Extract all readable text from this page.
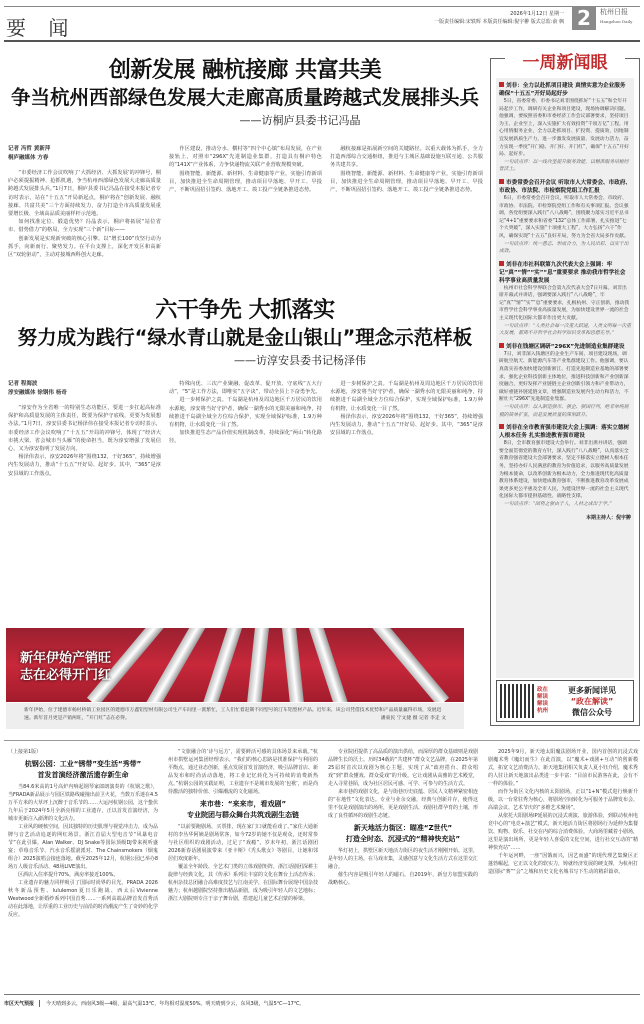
要 闻
2026年1月12日 星期一
一版责任编辑:宋轶辉 本版责任编辑:倪宇翀 版式总监:俞 枫 2	杭州日报
Hangzhou Daily
创新发展 融杭接廊 共富共美
争当杭州西部绿色发展大走廊高质量跨越式发展排头兵
——访桐庐县委书记冯晶
记者 冯哲 黄新萍
桐庐融媒体 方春

“市委经济工作会议吹响了‘大抓经济、大抓发展’的冲锋号，桐庐必须提振精神、抢抓机遇，争当杭州西部绿色发展大走廊高质量跨越式发展排头兵。”1月7日，桐庐县委书记冯晶在接受本报记者专访时表示，站在“十五五”开局新起点，桐庐将在“创新发展、融杭接廊、共富共美”三个方面持续发力，奋力打造全市高质量发展重要增长极、全域高品质美丽样杆示范地。

如何找准定位、锻造优势？冯晶表示，桐庐将拓展“站位省市、借势借力”的格局，全力实现“三个新”目标——

创新发展是实现新突破的核心引擎。以“增长100”攻坚行动为抓手，向新而行、聚势发力。在平台支撑上，深化开发区和高新区“双轮驱动”，主动对接城西科创大走廊。

作区建设，推动分水、横村等“四个中心镇”布局发展，在产业接轨上，对照市“296X”先进制造业集群，打造具有桐庐特色的“141X”产业体系，力争快递物流关联产业营收规模突破。

围绕智能、新能源、新材料、生命健康等产业，实施引育新项目，加快推进全生命周期管理，推动项目早落地、早开工、早投产，不断巩固招引签约、落地开工、竣工投产全链条推进态势。

融杭接廊是拓展新空间的关键路径。以重大载体为抓手，全力打造西部综合交通枢纽，推进与主城区基础设施互联互通、公共服务共建共享。

围绕智能、新能源、新材料、生命健康等产业，实施引育新项目，加快推进全生命周期管理，推动项目早落地、早开工、早投产，不断巩固招引签约、落地开工、竣工投产全链条推进态势。

六干争先 大抓落实
努力成为践行“绿水青山就是金山银山”理念示范样板
——访淳安县委书记杨泽伟
记者 程海波
淳安融媒体 徐钢伟 杨奇

“淳安作为全省唯一的特别生态功能区，要进一步扛起高标准保护和高质量发展的主体责任，既要为保护守底线，更要为发展想办法。”1月7日，淳安县委书记杨泽伟在接受本报记者专访时表示，市委经济工作会议吹响了“十五五”开局的冲锋号，体现了“经济大市挑大梁、省会城市当头雁”的使命担当，既为淳安增强了发展信心，又为淳安指明了发展方向。

杨泽伟表示，淳安2026年将“围绕132，干好365”，持续增强内生发展动力，推动“十五五”开好局、起好步。其中，“365”是淳安县域的工作落点。

特殊向优、三次产业聚融、促改革、促开放、守底线“五大行动”，“5”是工作方法，即唯实“五字诀”，带动全县上下奋勇争先。

进一步树保护之责。千岛湖是杭州及周边地区千万居民的饮用水源地，淳安将当好守护者，确保一湖秀水的无限美丽和纯净，持续推进千岛湖全域全方位综合保护，实现全域保护标准，1.9万种有机物，让水质变化一目了然。

加快推进生态产品价值实现机制改革，持续深化“两山”转化路径。

进一步树保护之责。千岛湖是杭州及周边地区千万居民的饮用水源地，淳安将当好守护者，确保一湖秀水的无限美丽和纯净，持续推进千岛湖全域全方位综合保护，实现全域保护标准，1.9万种有机物，让水质变化一目了然。

杨泽伟表示，淳安2026年将“围绕132，干好365”，持续增强内生发展动力，推动“十五五”开好局、起好步。其中，“365”是淳安县域的工作落点。

新年伊始产销旺
志在必得开门红
新年伊始，位于建德市杨村桥镇工业园区的建德市万鑫铝型材有限公司生产车间里一派繁忙，工人们忙着赶制不同型号的汀车铝型材产品。近年来，该公司凭借技术优势和产品质量赢得市场，发展迅速。新年首月更是产销两旺，“开门红”志在必得。	潘東民 宁文捷 摄 记者 李走 文
一周新闻眼
刘非：全力以赴抓项目建设 真情实意为企业服务 确保“十五五”开好局起好步

5日，省委常委、市委书记刘非围绕抓好“十五五”和全年开局起步工作，调研有关企业和项目建设，现场协调解决问题。他强调，要按照省委和市委经济工作会议部署要求，坚持项目为王、企业至上，深入实施扩大有效投资“千项万亿”工程，用心用情服务企业，全力以赴抓项目、扩投资、提质效，因地制宜发展新质生产力，进一步激发发展质量、发展动力活力，奋力实现一季度“开门稳、开门好、开门红”，确保“十五五”开好局、起好步。

一句话点评：以一线攻坚提升服务效能，以精准服务培植经营沃土。
市委常委会召开会议 听取市人大常委会、市政府、市政协、市法院、市检察院党组工作汇报

6日，市委常委会召开会议，听取市人大常委会、市政府、市政协、市法院、市检察院党组工作和有关事项汇报。会议强调，各党组要深入践行“八八战略”，围绕聚力落实习近平总书记“4+1”重要要求和省委“132”总体工作部署，扎实推进“七个大突破”，深入实施“十项重大工程”，大力弘扬“六干”作风，确保实现“十五五”良好开局，努力为全省大局多作贡献。

一句话点评：统一意志、形成合力，为人民出彩、以实干出成效。
刘非在市社科联第九次代表大会上强调：牢记“真”“情”“实”“息”重要要求 推动我市哲学社会科学事业高质量发展

杭州市社会科学界联合会第九次代表大会7日开幕。刘非出席开幕式并讲话，强调要深入践行“八八战略”，牢记“真”“情”“实”“息”重要要求，扎根杭州、守正创新，推动我市哲学社会科学事业高质量发展，为加快建设世界一流的社会主义现代化国际大都市作出更大贡献。

一句话点评：“人类社会每一次重大跃进，人类文明每一次重大发展，都离不开哲学社会科学知识变革和思想先导。”
刘非在钱塘区调研“296X”先进制造业集群建设

7日，刘非深入钱塘区的企业生产车间、项目建设现场，调研航空航天、新能源汽车等产业集群建设工作。他强调，要认真落实省委加快建设创新浙江、打造先进制造业基地的部署要求，强化企业科技创新主体地位，推进科技创新和产业创新深度融合，更好发挥产业链链主企业创新引领力和产业带动力，做好重链补链延链文章，增强制造业发展内生动力和活力，不断壮大“296X”先进制造业集群。

一句话点评：以入制造强市、强企、强国行列，绝非单纯规模的简单扩张，而是发展质量的深刻跃升。
刘非在全市教育强市建设大会上强调：落实立德树人根本任务 扎实推进教育强市建设

8日，全市教育强市建设大会举行。刘非出席并讲话，强调要全面贯彻党的教育方针，深入践行“八八战略”，认真落实全省教育强省建设大会部署要求，坚定不移落实立德树人根本任务，坚持办好人民满意的教育为价值追求，以服务高质量发展为根本使命，以改革创新为根本动力，全力推进现代化高质量教育体系建设，加快建成教育强市，不断推进教育改革发展成果更多更公平惠及全市人民，为建设世界一流的社会主义现代化国际大都市提供基础性、战略性支撑。

一句话点评：“国势之强由于人，人材之成出于学。”
本期主持人：倪宇翀
政在解读 解读杭州
更多新闻详见
“政在解读”
微信公众号
（上接第1版）
杭钢公园：工业“锈带”变生活“秀带”
首发首演经济激活遗存新生命

当84.6米高的1号高炉内响起钢琴家郎朗演奏的《杭钢之歌》，当FRADA新品展示与园区铁路线碰撞出前卫火花，当数万乐迷在4.5万平方米的大草坪上沉醉于音乐节的……大运河杭钢公园，这个蛰伏九年后于2024年5月全新亮相的工业遗存，正以首发首演经济，为城市更新注入澎湃的文化活力。

工业风的硬核空间，因其独特的历史肌理与视觉冲击力，成为品牌与音艺活动追逐的网红场景。浙江首届大型电音节“风暴电音节”在此引爆，Alan Walker、DJ Snake等国际顶级DJ带来视听盛宴；草莓音乐节、汽水音乐摇滚派对、The Chainsmokers（烟鬼组合）2025演唱会接连落地。截至2025年12月，杭钢公园已举办8场万人级音乐活动、48场LIVE演出。

区酒店入住率提升70%，满房率接近100%。

工业遗存的魅力同样吸引了国际时尚界的目光。PRADA 2026秋冬新品预售、lululemon夏日乐跑战、西太后Vivienne Westwood全新婚纱系列中国首秀……一系列高端品牌首发首秀活动在此落地，让厚重的工业历史与前沿的时尚潮流产生了奇妙的化学反应。

“文旅融合的‘诗与远方’，需要鲜活可感的具体场景来承载。”杭州市拱墅运河集团经理表示，“我们的核心思路是找准保护与利用的平衡点，通过业态创新，重点发展首发首演经济，吸引品牌首店、新品发布和时尚活动落地，将工业记忆转化为可持续的消费新热点。”杭钢公园的实践证明，工业遗存不是城市发展的‘包袱’，而是尚待激活的独特价值、引爆潮流的文化磁场。

来市巷：“来来市，看戏剧”
专业院团与群众舞台共筑戏剧生态链

“以前要跑剧场、买票排，现在家门口就能看戏了。”家住大通新村的李丛华阿姨是剧场常客，如今72岁的她不仅是观众，还时常参与社区组织的戏剧活动，过足了“戏瘾”。岁末年初，浙江话剧团2026新春话剧展演带来《亚卡斯》《秃头歌女》等剧目，让她和邻居们欢度新年。

覆盖全年龄段、全艺术门类的立体戏剧矩阵，浙江话剧团深耕主旋律与经典文化，其《传承》系列让丰富的文化在舞台上活态传承；杭州杂技总团融合高难度技艺与江南美学，在国际舞台展现中国杂技魅力；杭州越剧院坚持推出精品新剧，成为吸引年轻人的文艺地标；浙江大剧院则专注于亲子舞台剧，搭建起儿童艺术启蒙的桥梁。

专业院团提供了高品质的演出供给，而深厚的群众基础则是戏剧品牌生长的沃土。历时34载的“共建杯”群众文艺品牌，在2025年第25届时首次以戏剧为核心主题，实现了从“政府搭台、群众唱戏”到“群众懂戏、群众爱戏”的升级。它让戏剧从高雅的艺术殿堂，走入寻常巷陌，成为社区居民可感、可学、可参与的生活方式。

来市巷的戏剧文化，是与街巷历史底蕴、居民人文精神紧密相连的“在地性”文化表达。专业与业余交融，经典与创新并存，使得这里不仅是戏剧演出的场所，更是戏剧生活、戏剧社群孕育的土壤，形成了良性循环的戏剧生态链。

新天地活力街区：瞄准“Z世代”
打造全时态、沉浸式的“精神快充站”

华灯初上，拱墅区新天地活力街区的夜生活才刚刚开始。这里，是年轻人的主场。在马戏市集，灵感创意与文化生活方式在这里交汇融合。

催生内容是吸引年轻人的磁石。自2019年，新皇方加盟实践的战略核心。

2025年9月，新天地太阳魔法剧场开业，国内首创的沉浸式戏剧魔术秀《魔幻而生》在此首演，以“魔术+戏剧+互动”的创新模式，拓宽文艺消费活力。新天地集团相关负责人夏小钰介绍，魔术秀的人驻让新天地演出品类进一步丰富：“目前市民游客在此，会有不一样的体验。”

而作为街区文化内核的太阳剧场，正以“1+N”模式进行焕新升级，以一台常驻秀为核心，将剧场空间转化为可服务于品牌发布会、高端会议、艺术节庆的“多维艺术聚场”。

从依托大阳剧场IP延展的沉浸式观演、旅游体验，到联动杭州电竞中心的“电竞+演艺”模式，新天地活力街区将剧场行为延伸为集餐饮、购物、娱乐、社交在内的综合消费体验。大商场里藏着小剧场，这里是演出场所，更是年轻人喜爱的文化空间，进行社交互动的“精神快充站”……

千年运河畔，一座“因饿而兴，因艺而盛”的现代理艺集聚区正蓬勃崛起，它正以文化的软实力，铸就经济发展的硬支撑，为杭州打造国际“赛”“会”之城和历史文化名城书写下生动的精彩篇章。

市区天气预报	今天晴到多云，西南风3级—4级，最高气温13℃，年均相对湿度50%。明天晴到少云，东风3级，气温5℃—17℃。
